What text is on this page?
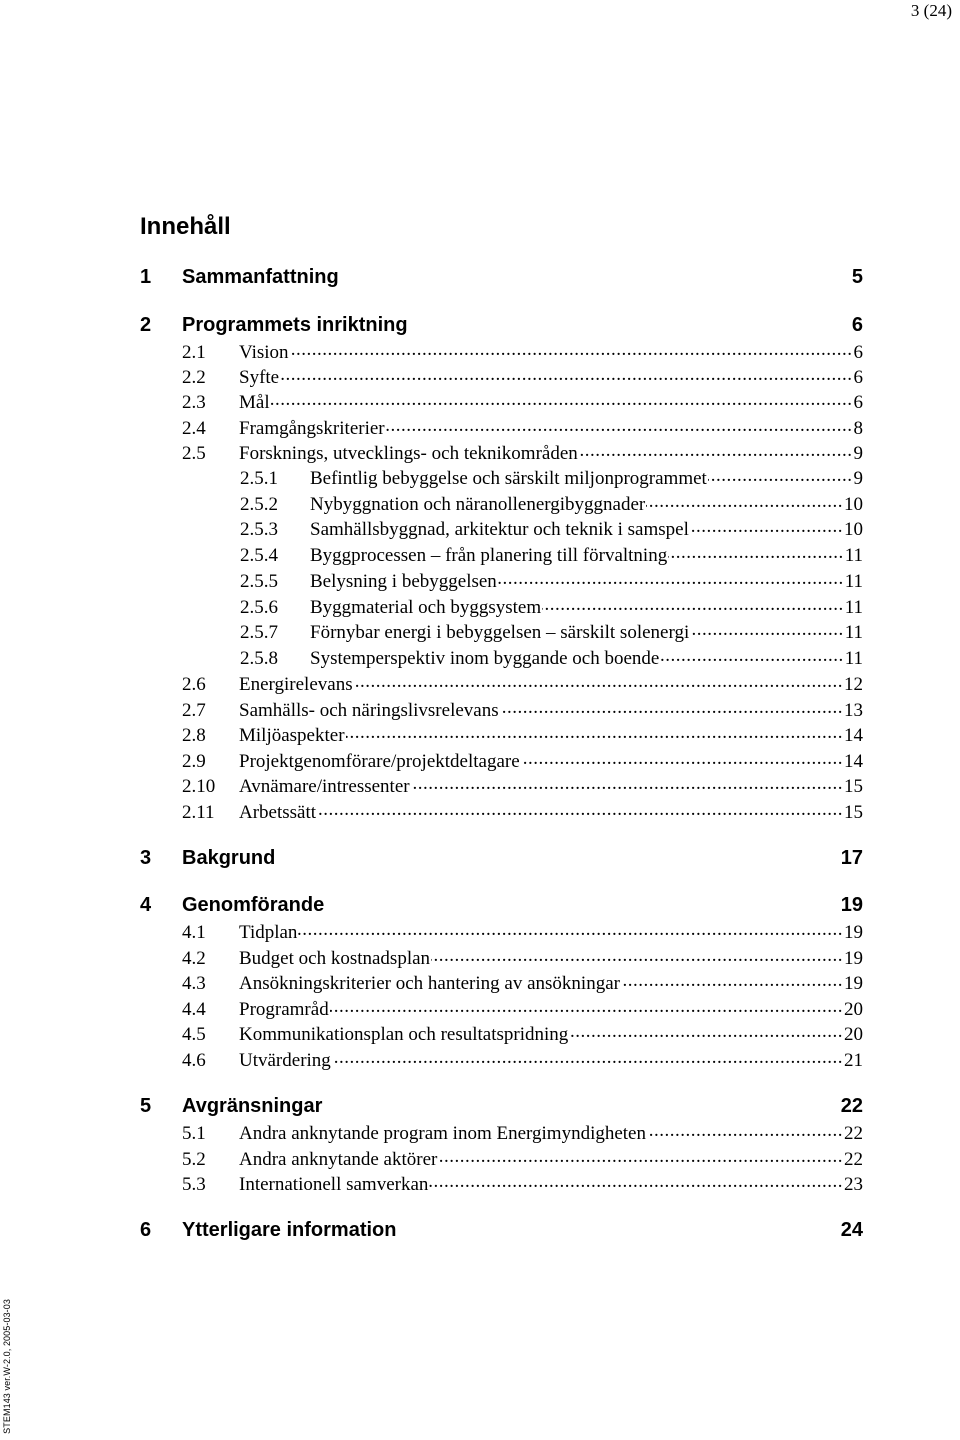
3 (24)
STEM143 ver.W-2.0, 2005-03-03
Innehåll
1	Sammanfattning	5
2	Programmets inriktning	6
2.1	Vision .....	6
2.2	Syfte .....	6
2.3	Mål .....	6
2.4	Framgångskriterier .....	8
2.5	Forsknings, utvecklings- och teknikområden .....	9
2.5.1	Befintlig bebyggelse och särskilt miljonprogrammet .....	9
2.5.2	Nybyggnation och näranollenergibyggnader .....	10
2.5.3	Samhällsbyggnad, arkitektur och teknik i samspel .....	10
2.5.4	Byggprocessen – från planering till förvaltning .....	11
2.5.5	Belysning i bebyggelsen .....	11
2.5.6	Byggmaterial och byggsystem .....	11
2.5.7	Förnybar energi i bebyggelsen – särskilt solenergi .....	11
2.5.8	Systemperspektiv inom byggande och boende .....	11
2.6	Energirelevans .....	12
2.7	Samhälls- och näringslivsrelevans .....	13
2.8	Miljöaspekter .....	14
2.9	Projektgenomförare/projektdeltagare .....	14
2.10	Avnämare/intressenter .....	15
2.11	Arbetssätt .....	15
3	Bakgrund	17
4	Genomförande	19
4.1	Tidplan .....	19
4.2	Budget och kostnadsplan .....	19
4.3	Ansökningskriterier och hantering av ansökningar .....	19
4.4	Programråd .....	20
4.5	Kommunikationsplan och resultatspridning .....	20
4.6	Utvärdering .....	21
5	Avgränsningar	22
5.1	Andra anknytande program inom Energimyndigheten .....	22
5.2	Andra anknytande aktörer .....	22
5.3	Internationell samverkan .....	23
6	Ytterligare information	24
